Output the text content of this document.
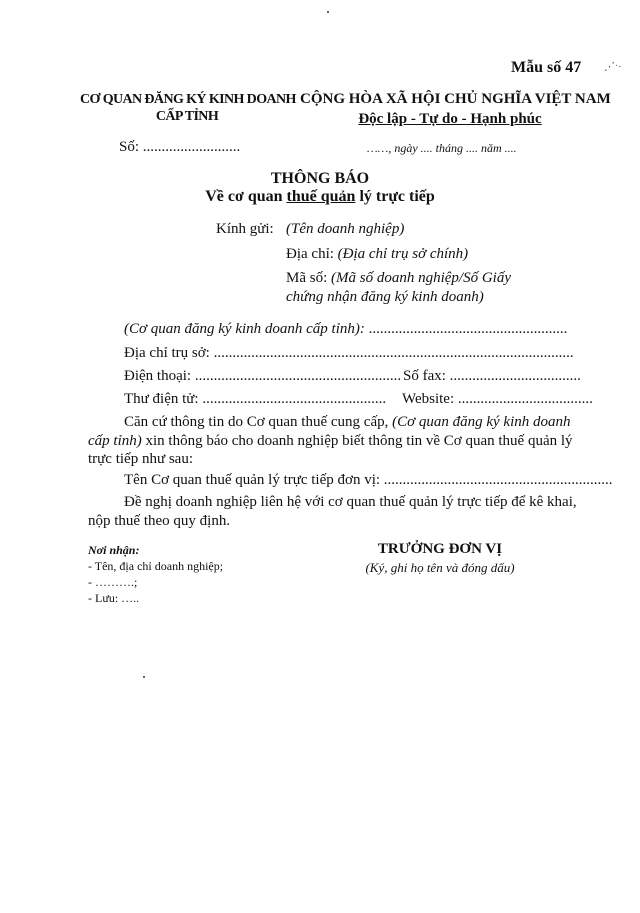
⋰ˑ·
Mẫu số 47
CƠ QUAN ĐĂNG KÝ KINH DOANH
CẤP TỈNH
CỘNG HÒA XÃ HỘI CHỦ NGHĨA VIỆT NAM
Độc lập - Tự do - Hạnh phúc
Số: ..........................	……, ngày .... tháng .... năm ....
THÔNG BÁO
Về cơ quan thuế quản lý trực tiếp
Kính gửi: (Tên doanh nghiệp)
Địa chỉ: (Địa chỉ trụ sở chính)
Mã số: (Mã số doanh nghiệp/Số Giấy
chứng nhận đăng ký kinh doanh)
(Cơ quan đăng ký kinh doanh cấp tỉnh): .....................................................
Địa chỉ trụ sở: ................................................................................................
Điện thoại: ....................................................... Số fax: ...................................
Thư điện tử: ................................................. Website: ....................................
Căn cứ thông tin do Cơ quan thuế cung cấp, (Cơ quan đăng ký kinh doanh
cấp tỉnh) xin thông báo cho doanh nghiệp biết thông tin về Cơ quan thuế quản lý
trực tiếp như sau:
Tên Cơ quan thuế quản lý trực tiếp đơn vị: .............................................................
Đề nghị doanh nghiệp liên hệ với cơ quan thuế quản lý trực tiếp để kê khai,
nộp thuế theo quy định.
Nơi nhận:
- Tên, địa chỉ doanh nghiệp;
- ……….;
- Lưu: …..
TRƯỞNG ĐƠN VỊ
(Ký, ghi họ tên và đóng dấu)
